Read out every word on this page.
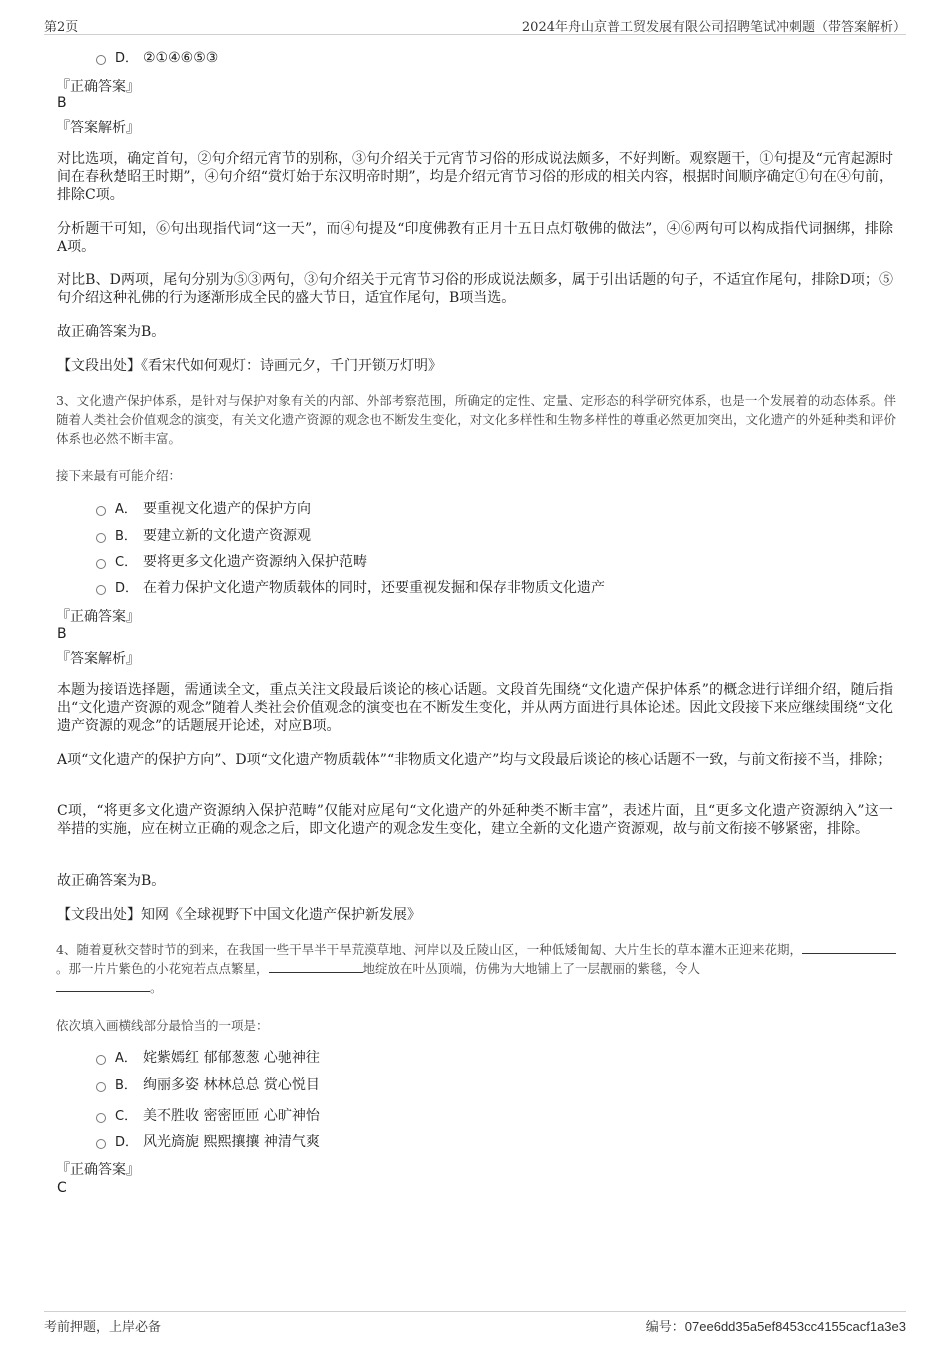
第2页	2024年舟山京普工贸发展有限公司招聘笔试冲刺题（带答案解析）
D． ②①④⑥⑤③
『正确答案』
B
『答案解析』

对比选项，确定首句，②句介绍元宵节的别称，③句介绍关于元宵节习俗的形成说法颇多，不好判断。观察题干，①句提及“元宵起源时间在春秋楚昭王时期”，④句介绍“赏灯始于东汉明帝时期”，均是介绍元宵节习俗的形成的相关内容，根据时间顺序确定①句在④句前，排除C项。

分析题干可知，⑥句出现指代词“这一天”，而④句提及“印度佛教有正月十五日点灯敬佛的做法”，④⑥两句可以构成指代词捆绑，排除A项。

对比B、D两项，尾句分别为⑤③两句，③句介绍关于元宵节习俗的形成说法颇多，属于引出话题的句子，不适宜作尾句，排除D项；⑤句介绍这种礼佛的行为逐渐形成全民的盛大节日，适宜作尾句，B项当选。

故正确答案为B。

【文段出处】《看宋代如何观灯：诗画元夕，千门开锁万灯明》

3、文化遗产保护体系，是针对与保护对象有关的内部、外部考察范围，所确定的定性、定量、定形态的科学研究体系，也是一个发展着的动态体系。伴随着人类社会价值观念的演变，有关文化遗产资源的观念也不断发生变化，对文化多样性和生物多样性的尊重必然更加突出，文化遗产的外延种类和评价体系也必然不断丰富。

接下来最有可能介绍：
A． 要重视文化遗产的保护方向
B． 要建立新的文化遗产资源观
C． 要将更多文化遗产资源纳入保护范畴
D． 在着力保护文化遗产物质载体的同时，还要重视发掘和保存非物质文化遗产
『正确答案』
B
『答案解析』

本题为接语选择题，需通读全文，重点关注文段最后谈论的核心话题。文段首先围绕“文化遗产保护体系”的概念进行详细介绍，随后指出“文化遗产资源的观念”随着人类社会价值观念的演变也在不断发生变化，并从两方面进行具体论述。因此文段接下来应继续围绕“文化遗产资源的观念”的话题展开论述，对应B项。

A项“文化遗产的保护方向”、D项“文化遗产物质载体”“非物质文化遗产”均与文段最后谈论的核心话题不一致，与前文衔接不当，排除；

C项，“将更多文化遗产资源纳入保护范畴”仅能对应尾句“文化遗产的外延种类不断丰富”，表述片面，且“更多文化遗产资源纳入”这一举措的实施，应在树立正确的观念之后，即文化遗产的观念发生变化，建立全新的文化遗产资源观，故与前文衔接不够紧密，排除。

故正确答案为B。

【文段出处】知网《全球视野下中国文化遗产保护新发展》

4、随着夏秋交替时节的到来，在我国一些干旱半干旱荒漠草地、河岸以及丘陵山区，一种低矮匍匐、大片生长的草本灌木正迎来花期，。那一片片紫色的小花宛若点点繁星，	地绽放在叶丛顶端，仿佛为大地铺上了一层靓丽的紫毯，令人
。

依次填入画横线部分最恰当的一项是：
A． 姹紫嫣红 郁郁葱葱 心驰神往
B． 绚丽多姿 林林总总 赏心悦目
C． 美不胜收 密密匝匝 心旷神怡
D． 风光旖旎 熙熙攘攘 神清气爽
『正确答案』
C
考前押题，上岸必备	编号：07ee6dd35a5ef8453cc4155cacf1a3e3
